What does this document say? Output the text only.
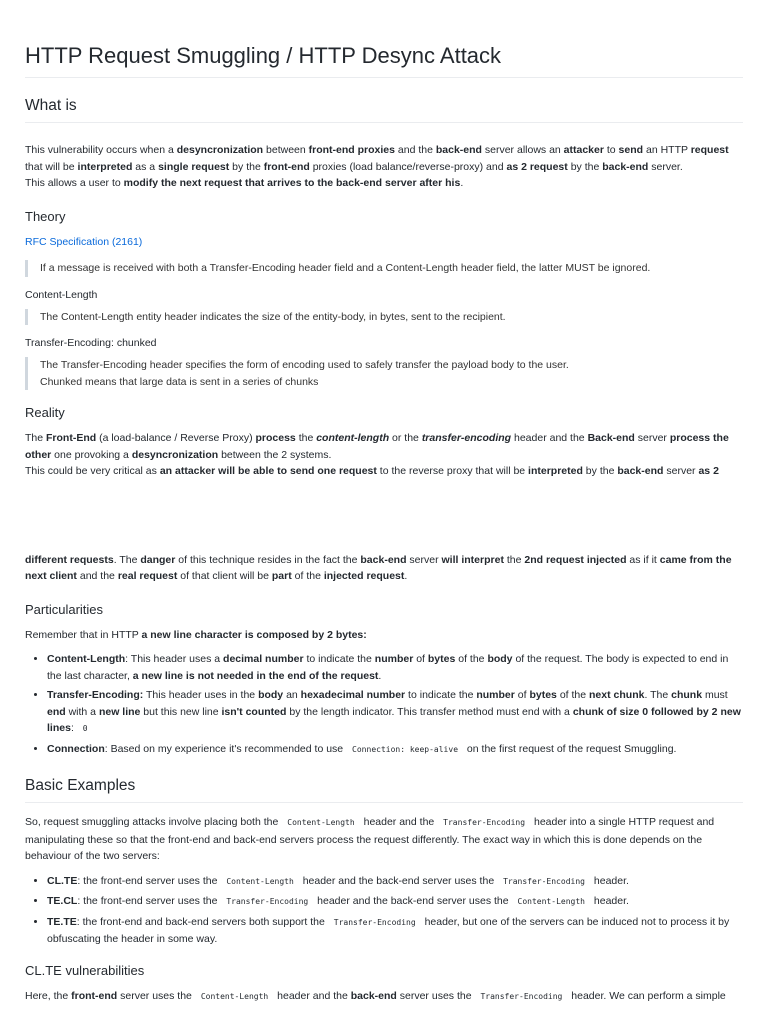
HTTP Request Smuggling / HTTP Desync Attack
What is

This vulnerability occurs when a desyncronization between front-end proxies and the back-end server allows an attacker to send an HTTP request that will be interpreted as a single request by the front-end proxies (load balance/reverse-proxy) and as 2 request by the back-end server.
This allows a user to modify the next request that arrives to the back-end server after his.

Theory

RFC Specification (2161)

If a message is received with both a Transfer-Encoding header field and a Content-Length header field, the latter MUST be ignored.
Content-Length
The Content-Length entity header indicates the size of the entity-body, in bytes, sent to the recipient.
Transfer-Encoding: chunked
The Transfer-Encoding header specifies the form of encoding used to safely transfer the payload body to the user.
Chunked means that large data is sent in a series of chunks
Reality

The Front-End (a load-balance / Reverse Proxy) process the content-length or the transfer-encoding header and the Back-end server process the other one provoking a desyncronization between the 2 systems.
This could be very critical as an attacker will be able to send one request to the reverse proxy that will be interpreted by the back-end server as 2

different requests. The danger of this technique resides in the fact the back-end server will interpret the 2nd request injected as if it came from the next client and the real request of that client will be part of the injected request.

Particularities

Remember that in HTTP a new line character is composed by 2 bytes:

• Content-Length: This header uses a decimal number to indicate the number of bytes of the body of the request. The body is expected to end in the last character, a new line is not needed in the end of the request.
• Transfer-Encoding: This header uses in the body an hexadecimal number to indicate the number of bytes of the next chunk. The chunk must end with a new line but this new line isn't counted by the length indicator. This transfer method must end with a chunk of size 0 followed by 2 new lines: 0
• Connection: Based on my experience it's recommended to use Connection: keep-alive on the first request of the request Smuggling.
Basic Examples

So, request smuggling attacks involve placing both the Content-Length header and the Transfer-Encoding header into a single HTTP request and manipulating these so that the front-end and back-end servers process the request differently. The exact way in which this is done depends on the behaviour of the two servers:

• CL.TE: the front-end server uses the Content-Length header and the back-end server uses the Transfer-Encoding header.
• TE.CL: the front-end server uses the Transfer-Encoding header and the back-end server uses the Content-Length header.
• TE.TE: the front-end and back-end servers both support the Transfer-Encoding header, but one of the servers can be induced not to process it by obfuscating the header in some way.
CL.TE vulnerabilities

Here, the front-end server uses the Content-Length header and the back-end server uses the Transfer-Encoding header. We can perform a simple
